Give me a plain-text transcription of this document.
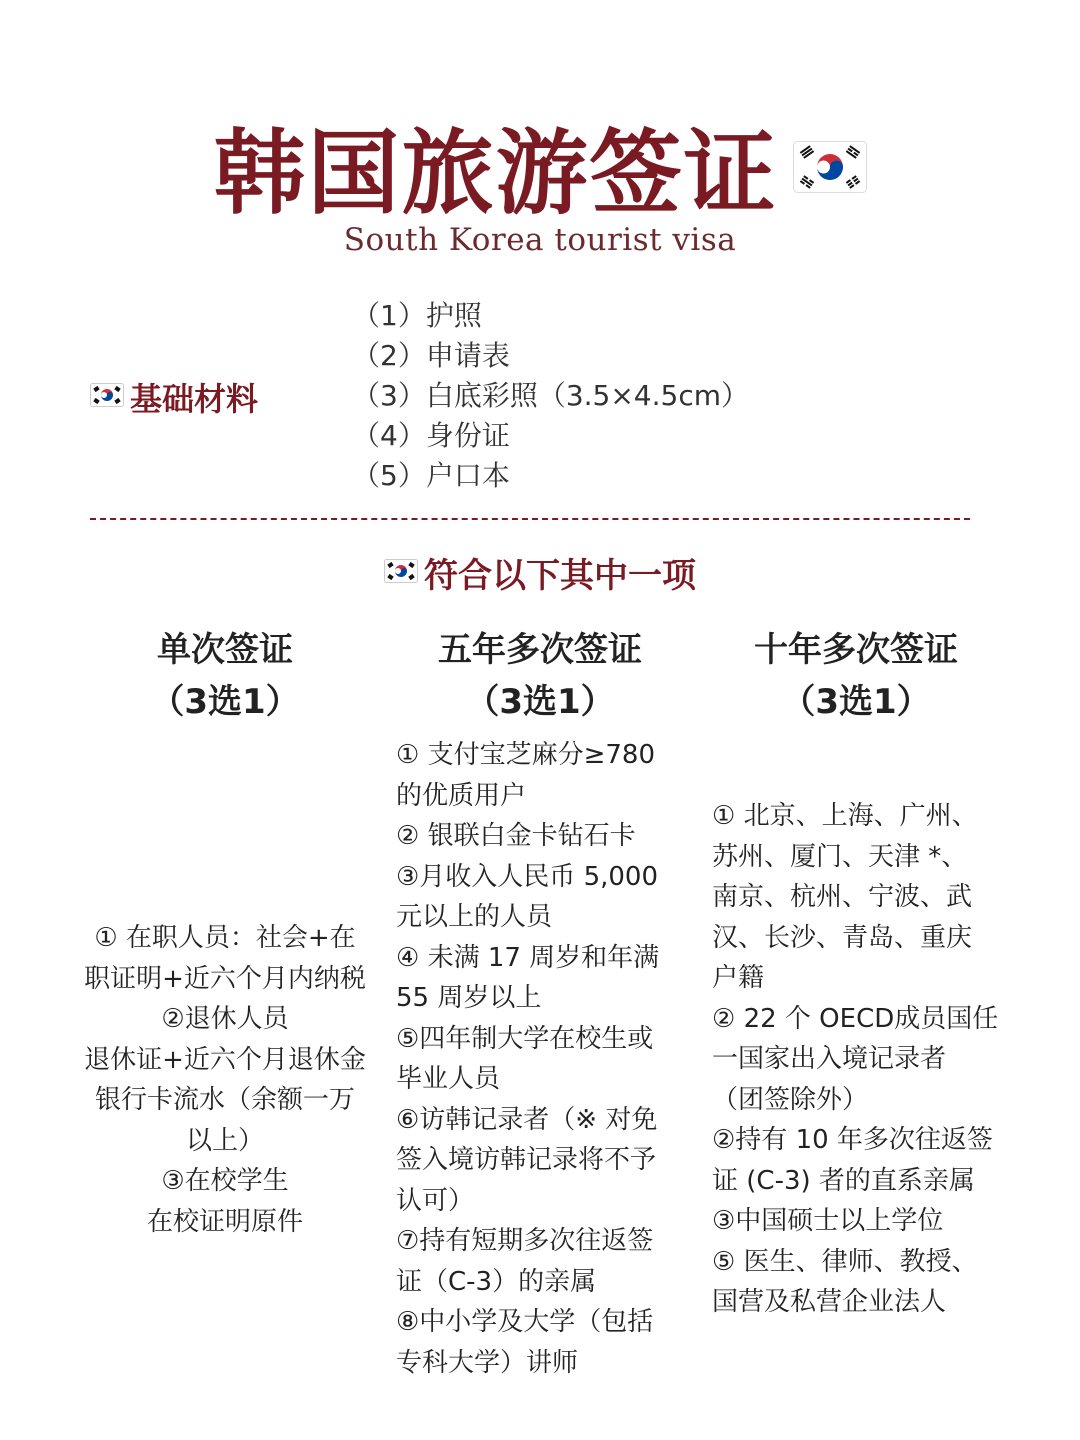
韩国旅游签证
South Korea tourist visa
基础材料
（1）护照
（2）申请表
（3）白底彩照（3.5×4.5cm）
（4）身份证
（5）户口本
符合以下其中一项
单次签证
（3选1）
五年多次签证
（3选1）
十年多次签证
（3选1）

① 在职人员：社会+在

职证明+近六个月内纳税

②退休人员

退休证+近六个月退休金

银行卡流水（余额一万

以上）

③在校学生

在校证明原件

① 支付宝芝麻分≥780

的优质用户

② 银联白金卡钻石卡

③月收入人民币 5,000

元以上的人员

④ 未满 17 周岁和年满

55 周岁以上

⑤四年制大学在校生或

毕业人员

⑥访韩记录者（※ 对免

签入境访韩记录将不予

认可）

⑦持有短期多次往返签

证（C-3）的亲属

⑧中小学及大学（包括

专科大学）讲师

① 北京、上海、广州、

苏州、厦门、天津 *、

南京、杭州、宁波、武

汉、长沙、青岛、重庆

户籍

② 22 个 OECD成员国任

一国家出入境记录者

（团签除外）

②持有 10 年多次往返签

证 (C-3) 者的直系亲属

③中国硕士以上学位

⑤ 医生、律师、教授、

国营及私营企业法人
